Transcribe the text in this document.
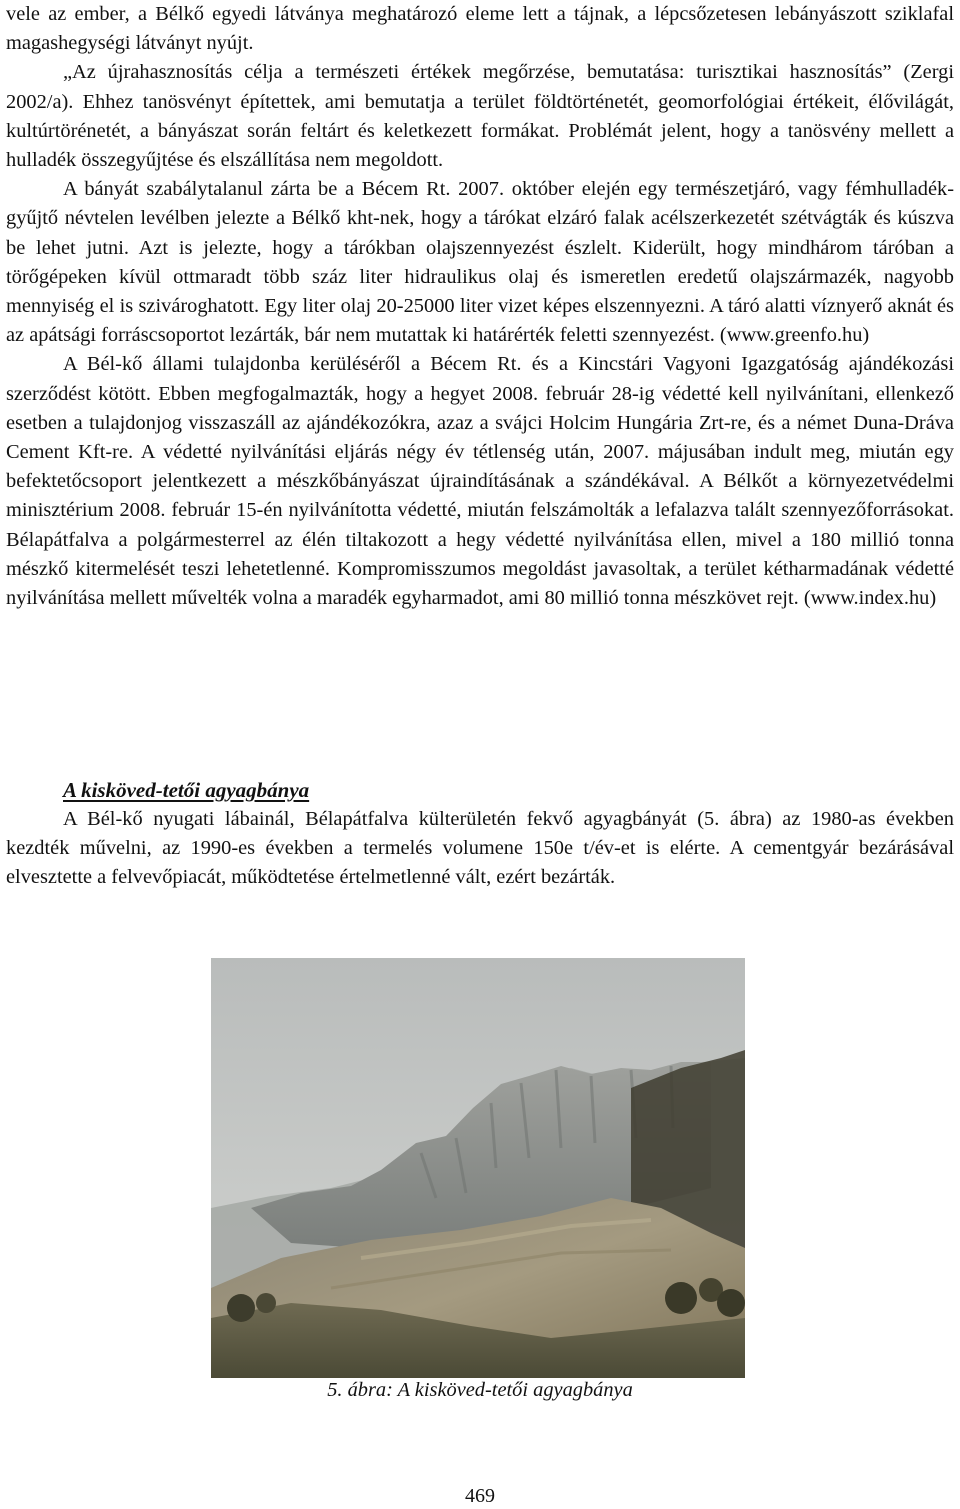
vele az ember, a Bélkő egyedi látványa meghatározó eleme lett a tájnak, a lépcsőzetesen lebányászott sziklafal magashegységi látványt nyújt.

„Az újrahasznosítás célja a természeti értékek megőrzése, bemutatása: turisztikai hasznosítás” (Zergi 2002/a). Ehhez tanösvényt építettek, ami bemutatja a terület földtörténetét, geomorfológiai értékeit, élővilágát, kultúrtörénetét, a bányászat során feltárt és keletkezett formákat. Problémát jelent, hogy a tanösvény mellett a hulladék összegyűjtése és elszállítása nem megoldott.

A bányát szabálytalanul zárta be a Bécem Rt. 2007. október elején egy természetjáró, vagy fémhulladék-gyűjtő névtelen levélben jelezte a Bélkő kht-nek, hogy a tárókat elzáró falak acélszerkezetét szétvágták és kúszva be lehet jutni. Azt is jelezte, hogy a tárókban olajszennyezést észlelt. Kiderült, hogy mindhárom táróban a törőgépeken kívül ottmaradt több száz liter hidraulikus olaj és ismeretlen eredetű olajszármazék, nagyobb mennyiség el is szivároghatott. Egy liter olaj 20-25000 liter vizet képes elszennyezni. A táró alatti víznyerő aknát és az apátsági forráscsoportot lezárták, bár nem mutattak ki határérték feletti szennyezést. (www.greenfo.hu)

A Bél-kő állami tulajdonba kerüléséről a Bécem Rt. és a Kincstári Vagyoni Igazgatóság ajándékozási szerződést kötött. Ebben megfogalmazták, hogy a hegyet 2008. február 28-ig védetté kell nyilvánítani, ellenkező esetben a tulajdonjog visszaszáll az ajándékozókra, azaz a svájci Holcim Hungária Zrt-re, és a német Duna-Dráva Cement Kft-re. A védetté nyilvánítási eljárás négy év tétlenség után, 2007. májusában indult meg, miután egy befektetőcsoport jelentkezett a mészkőbányászat újraindításának a szándékával. A Bélkőt a környezetvédelmi minisztérium 2008. február 15-én nyilvánította védetté, miután felszámolták a lefalazva talált szennyezőforrásokat. Bélapátfalva a polgármesterrel az élén tiltakozott a hegy védetté nyilvánítása ellen, mivel a 180 millió tonna mészkő kitermelését teszi lehetetlenné. Kompromisszumos megoldást javasoltak, a terület kétharmadának védetté nyilvánítása mellett művelték volna a maradék egyharmadot, ami 80 millió tonna mészkövet rejt. (www.index.hu)

A kisköved-tetői agyagbánya

A Bél-kő nyugati lábainál, Bélapátfalva külterületén fekvő agyagbányát (5. ábra) az 1980-as években kezdték művelni, az 1990-es években a termelés volumene 150e t/év-et is elérte. A cementgyár bezárásával elvesztette a felvevőpiacát, működtetése értelmetlenné vált, ezért bezárták.

5. ábra: A kisköved-tetői agyagbánya
469
